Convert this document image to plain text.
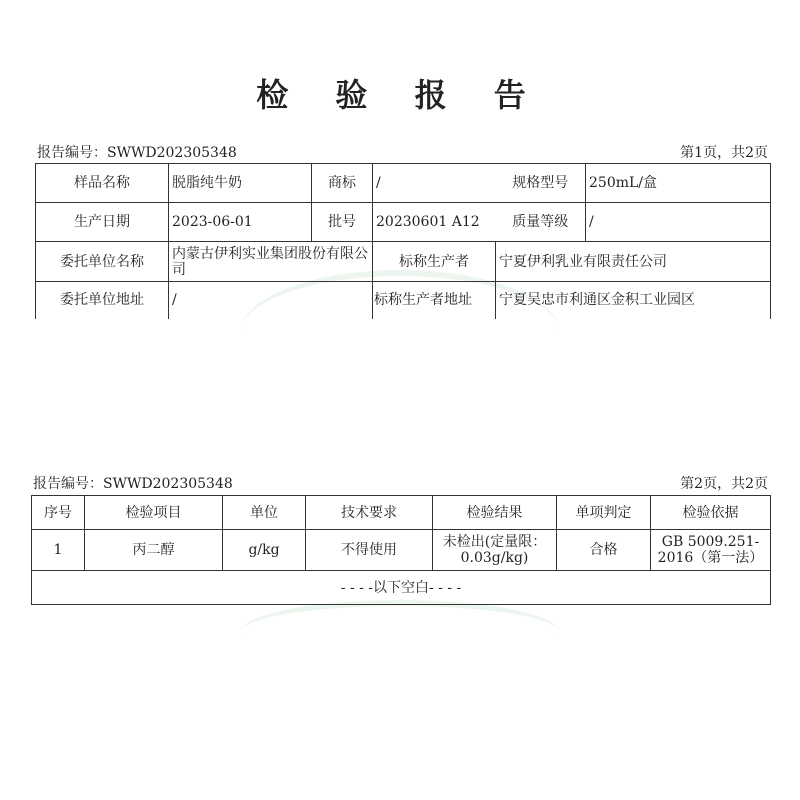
检 验 报 告
报告编号：SWWD202305348	第1页，共2页
样品名称	脱脂纯牛奶	商标	/	规格型号	250mL/盒
生产日期	2023-06-01	批号	20230601 A12	质量等级	/
委托单位名称	内蒙古伊利实业集团股份有限公司		标称生产者	宁夏伊利乳业有限责任公司	
委托单位地址	/		标称生产者地址	宁夏吴忠市利通区金积工业园区	
报告编号：SWWD202305348	第2页，共2页
序号	检验项目	单位	技术要求	检验结果	单项判定	检验依据
1	丙二醇	g/kg	不得使用	未检出(定量限：0.03g/kg)	合格	GB 5009.251-2016（第一法）
- - - -以下空白- - - -						
